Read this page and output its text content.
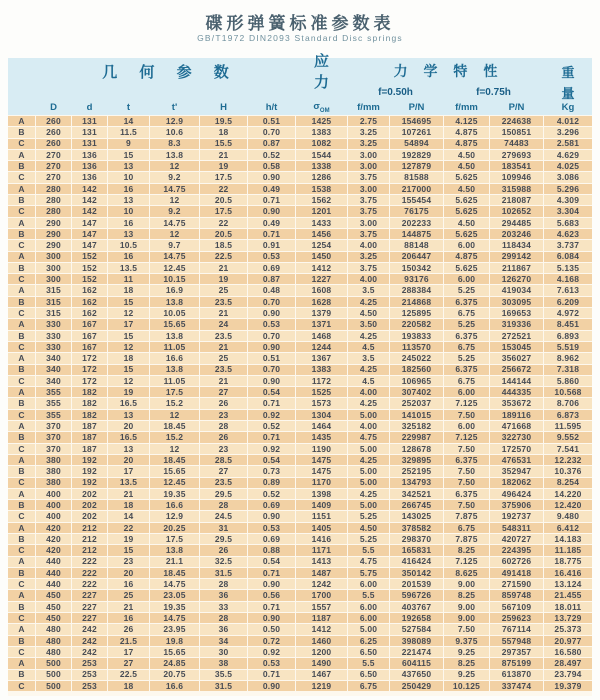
碟形弹簧标准参数表
GB/T1972 DIN2093 Standard Disc springs
几 何 参 数
应 力
力 学 特 性	重
f=0.50h	f=0.75h	量
D	d	t	t'	H	h/t	$\sigma_{OM}$	f/mm	P/N	f/mm	P/N	Kg
A	260	131	14	12.9	19.5	0.51	1425	2.75	154695	4.125	224638	4.012
B	260	131	11.5	10.6	18	0.70	1383	3.25	107261	4.875	150851	3.296
C	260	131	9	8.3	15.5	0.87	1082	3.25	54894	4.875	74483	2.581
A	270	136	15	13.8	21	0.52	1544	3.00	192829	4.50	279693	4.629
B	270	136	13	12	19	0.58	1338	3.00	127879	4.50	183541	4.025
C	270	136	10	9.2	17.5	0.90	1286	3.75	81588	5.625	109946	3.086
A	280	142	16	14.75	22	0.49	1538	3.00	217000	4.50	315988	5.296
B	280	142	13	12	20.5	0.71	1562	3.75	155454	5.625	218087	4.309
C	280	142	10	9.2	17.5	0.90	1201	3.75	76175	5.625	102652	3.304
A	290	147	16	14.75	22	0.49	1433	3.00	202233	4.50	294485	5.683
B	290	147	13	12	20.5	0.71	1456	3.75	144875	5.625	203246	4.623
C	290	147	10.5	9.7	18.5	0.91	1254	4.00	88148	6.00	118434	3.737
A	300	152	16	14.75	22.5	0.53	1450	3.25	206447	4.875	299142	6.084
B	300	152	13.5	12.45	21	0.69	1412	3.75	150342	5.625	211867	5.135
C	300	152	11	10.15	19	0.87	1227	4.00	93176	6.00	126270	4.168
A	315	162	18	16.9	25	0.48	1608	3.5	288384	5.25	419034	7.613
B	315	162	15	13.8	23.5	0.70	1628	4.25	214868	6.375	303095	6.209
C	315	162	12	10.05	21	0.90	1379	4.50	125895	6.75	169653	4.972
A	330	167	17	15.65	24	0.53	1371	3.50	220582	5.25	319336	8.451
B	330	167	15	13.8	23.5	0.70	1468	4.25	193833	6.375	272521	6.893
C	330	167	12	11.05	21	0.90	1244	4.5	113570	6.75	153045	5.519
A	340	172	18	16.6	25	0.51	1367	3.5	245022	5.25	356027	8.962
B	340	172	15	13.8	23.5	0.70	1383	4.25	182560	6.375	256672	7.318
C	340	172	12	11.05	21	0.90	1172	4.5	106965	6.75	144144	5.860
A	355	182	19	17.5	27	0.54	1525	4.00	307402	6.00	444335	10.568
B	355	182	16.5	15.2	26	0.71	1573	4.25	252037	7.125	353672	8.706
C	355	182	13	12	23	0.92	1304	5.00	141015	7.50	189116	6.873
A	370	187	20	18.45	28	0.52	1464	4.00	325182	6.00	471668	11.595
B	370	187	16.5	15.2	26	0.71	1435	4.75	229987	7.125	322730	9.552
C	370	187	13	12	23	0.92	1190	5.00	128678	7.50	172570	7.541
A	380	192	20	18.45	28.5	0.54	1475	4.25	329895	6.375	476531	12.232
B	380	192	17	15.65	27	0.73	1475	5.00	252195	7.50	352947	10.376
C	380	192	13.5	12.45	23.5	0.89	1170	5.00	134793	7.50	182062	8.254
A	400	202	21	19.35	29.5	0.52	1398	4.25	342521	6.375	496424	14.220
B	400	202	18	16.6	28	0.69	1409	5.00	266745	7.50	375906	12.420
C	400	202	14	12.9	24.5	0.90	1151	5.25	143025	7.875	192737	9.480
A	420	212	22	20.25	31	0.53	1405	4.50	378582	6.75	548311	6.412
B	420	212	19	17.5	29.5	0.69	1416	5.25	298370	7.875	420727	14.183
C	420	212	15	13.8	26	0.88	1171	5.5	165831	8.25	224395	11.185
A	440	222	23	21.1	32.5	0.54	1413	4.75	416424	7.125	602726	18.775
B	440	222	20	18.45	31.5	0.71	1487	5.75	350142	8.625	491418	16.416
C	440	222	16	14.75	28	0.90	1242	6.00	201539	9.00	271590	13.124
A	450	227	25	23.05	36	0.56	1700	5.5	596726	8.25	859748	21.455
B	450	227	21	19.35	33	0.71	1557	6.00	403767	9.00	567109	18.011
C	450	227	16	14.75	28	0.90	1187	6.00	192658	9.00	259623	13.729
A	480	242	26	23.95	36	0.50	1412	5.00	527584	7.50	767114	25.373
B	480	242	21.5	19.8	34	0.72	1460	6.25	398089	9.375	557948	20.977
C	480	242	17	15.65	30	0.92	1200	6.50	221474	9.25	297357	16.580
A	500	253	27	24.85	38	0.53	1490	5.5	604115	8.25	875199	28.497
B	500	253	22.5	20.75	35.5	0.71	1467	6.50	437650	9.25	613870	23.794
C	500	253	18	16.6	31.5	0.90	1219	6.75	250429	10.125	337474	19.379
